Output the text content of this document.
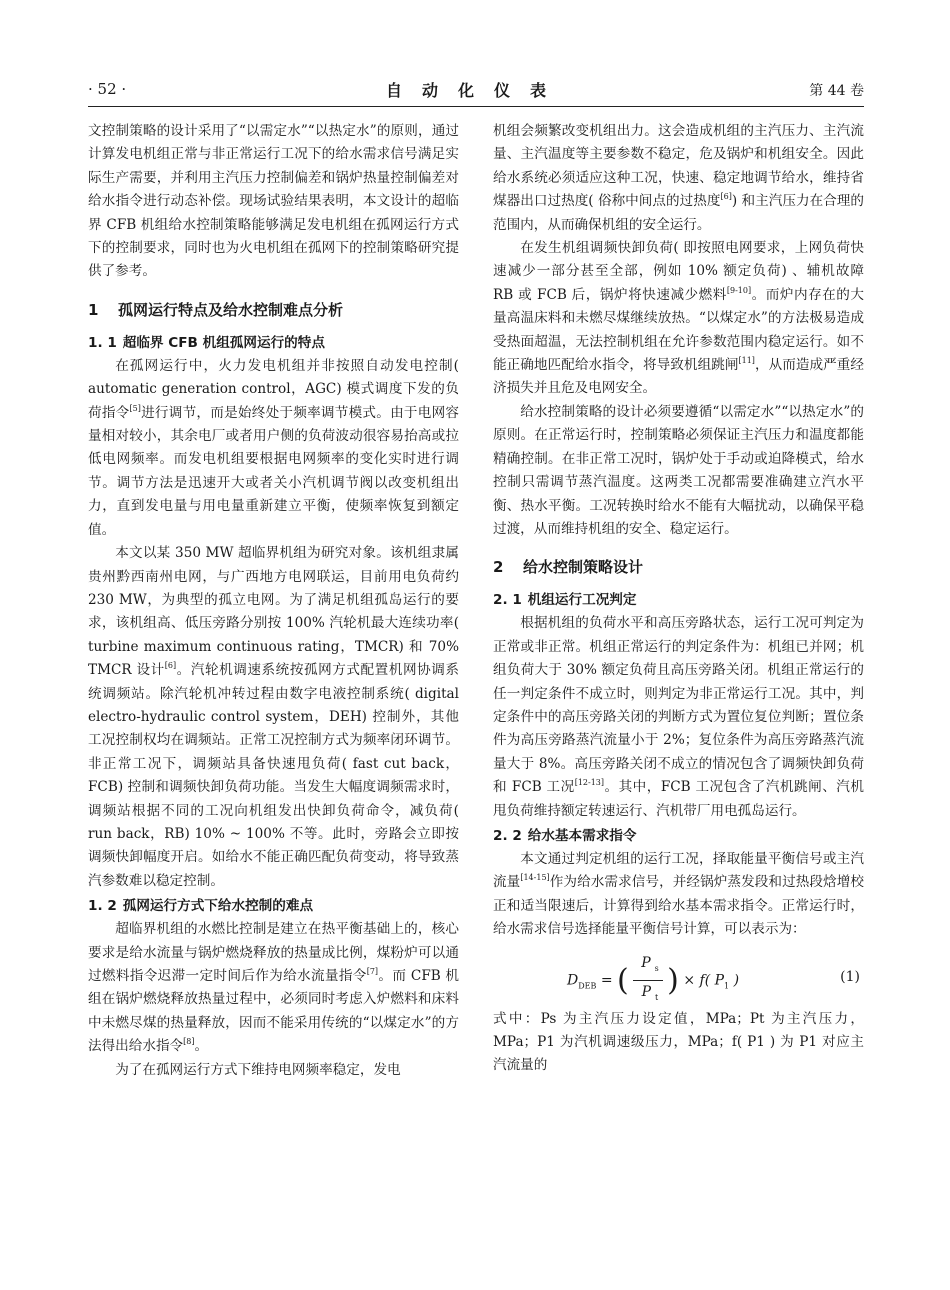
· 52 ·	自动化仪表	第 44 卷

文控制策略的设计采用了“以需定水”“以热定水”的原则，通过计算发电机组正常与非正常运行工况下的给水需求信号满足实际生产需要，并利用主汽压力控制偏差和锅炉热量控制偏差对给水指令进行动态补偿。现场试验结果表明，本文设计的超临界 CFB 机组给水控制策略能够满足发电机组在孤网运行方式下的控制要求，同时也为火电机组在孤网下的控制策略研究提供了参考。

1 孤网运行特点及给水控制难点分析
1. 1 超临界 CFB 机组孤网运行的特点

在孤网运行中，火力发电机组并非按照自动发电控制( automatic generation control，AGC) 模式调度下发的负荷指令[5]进行调节，而是始终处于频率调节模式。由于电网容量相对较小，其余电厂或者用户侧的负荷波动很容易抬高或拉低电网频率。而发电机组要根据电网频率的变化实时进行调节。调节方法是迅速开大或者关小汽机调节阀以改变机组出力，直到发电量与用电量重新建立平衡，使频率恢复到额定值。

本文以某 350 MW 超临界机组为研究对象。该机组隶属贵州黔西南州电网，与广西地方电网联运，目前用电负荷约 230 MW，为典型的孤立电网。为了满足机组孤岛运行的要求，该机组高、低压旁路分别按 100% 汽轮机最大连续功率( turbine maximum continuous rating，TMCR) 和 70% TMCR 设计[6]。汽轮机调速系统按孤网方式配置机网协调系统调频站。除汽轮机冲转过程由数字电液控制系统( digital electro-hydraulic control system，DEH) 控制外，其他工况控制权均在调频站。正常工况控制方式为频率闭环调节。非正常工况下，调频站具备快速甩负荷( fast cut back，FCB) 控制和调频快卸负荷功能。当发生大幅度调频需求时，调频站根据不同的工况向机组发出快卸负荷命令，减负荷( run back，RB) 10% ~ 100% 不等。此时，旁路会立即按调频快卸幅度开启。如给水不能正确匹配负荷变动，将导致蒸汽参数难以稳定控制。

1. 2 孤网运行方式下给水控制的难点

超临界机组的水燃比控制是建立在热平衡基础上的，核心要求是给水流量与锅炉燃烧释放的热量成比例，煤粉炉可以通过燃料指令迟滞一定时间后作为给水流量指令[7]。而 CFB 机组在锅炉燃烧释放热量过程中，必须同时考虑入炉燃料和床料中未燃尽煤的热量释放，因而不能采用传统的“以煤定水”的方法得出给水指令[8]。

为了在孤网运行方式下维持电网频率稳定，发电

机组会频繁改变机组出力。这会造成机组的主汽压力、主汽流量、主汽温度等主要参数不稳定，危及锅炉和机组安全。因此给水系统必须适应这种工况，快速、稳定地调节给水，维持省煤器出口过热度( 俗称中间点的过热度[6]) 和主汽压力在合理的范围内，从而确保机组的安全运行。

在发生机组调频快卸负荷( 即按照电网要求，上网负荷快速减少一部分甚至全部，例如 10% 额定负荷) 、辅机故障 RB 或 FCB 后，锅炉将快速减少燃料[9-10]。而炉内存在的大量高温床料和未燃尽煤继续放热。“以煤定水”的方法极易造成受热面超温，无法控制机组在允许参数范围内稳定运行。如不能正确地匹配给水指令，将导致机组跳闸[11]，从而造成严重经济损失并且危及电网安全。

给水控制策略的设计必须要遵循“以需定水”“以热定水”的原则。在正常运行时，控制策略必须保证主汽压力和温度都能精确控制。在非正常工况时，锅炉处于手动或迫降模式，给水控制只需调节蒸汽温度。这两类工况都需要准确建立汽水平衡、热水平衡。工况转换时给水不能有大幅扰动，以确保平稳过渡，从而维持机组的安全、稳定运行。

2 给水控制策略设计
2. 1 机组运行工况判定

根据机组的负荷水平和高压旁路状态，运行工况可判定为正常或非正常。机组正常运行的判定条件为：机组已并网；机组负荷大于 30% 额定负荷且高压旁路关闭。机组正常运行的任一判定条件不成立时，则判定为非正常运行工况。其中，判定条件中的高压旁路关闭的判断方式为置位复位判断；置位条件为高压旁路蒸汽流量小于 2%；复位条件为高压旁路蒸汽流量大于 8%。高压旁路关闭不成立的情况包含了调频快卸负荷和 FCB 工况[12-13]。其中，FCB 工况包含了汽机跳闸、汽机甩负荷维持额定转速运行、汽机带厂用电孤岛运行。

2. 2 给水基本需求指令

本文通过判定机组的运行工况，择取能量平衡信号或主汽流量[14-15]作为给水需求信号，并经锅炉蒸发段和过热段焓增校正和适当限速后，计算得到给水基本需求指令。正常运行时，给水需求信号选择能量平衡信号计算，可以表示为：

$D_{DEB}$ = ( $\frac{P _s}{P _t}$ ) × f( $P_1$ )	(1)

式中：Ps 为主汽压力设定值，MPa；Pt 为主汽压力，MPa；P1 为汽机调速级压力，MPa；f( P1 ) 为 P1 对应主汽流量的
